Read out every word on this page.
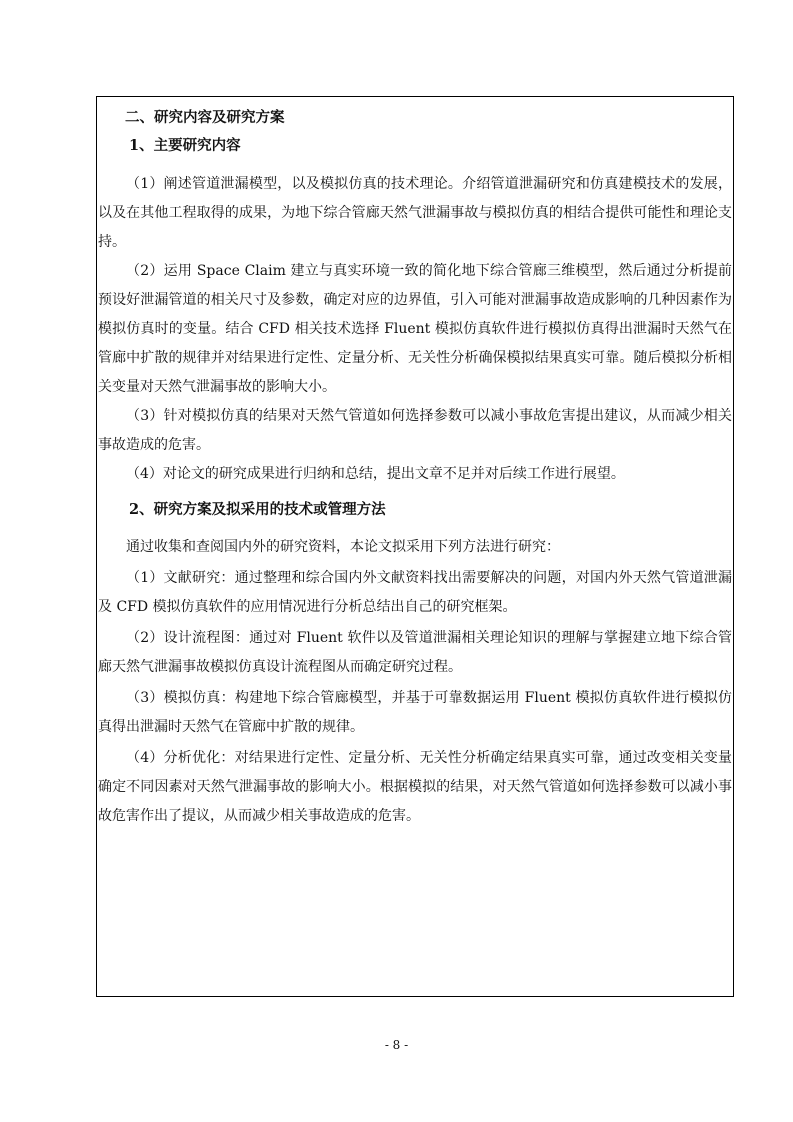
二、研究内容及研究方案
1、主要研究内容

（1）阐述管道泄漏模型，以及模拟仿真的技术理论。介绍管道泄漏研究和仿真建模技术的发展，以及在其他工程取得的成果，为地下综合管廊天然气泄漏事故与模拟仿真的相结合提供可能性和理论支持。

（2）运用 Space Claim 建立与真实环境一致的简化地下综合管廊三维模型，然后通过分析提前预设好泄漏管道的相关尺寸及参数，确定对应的边界值，引入可能对泄漏事故造成影响的几种因素作为模拟仿真时的变量。结合 CFD 相关技术选择 Fluent 模拟仿真软件进行模拟仿真得出泄漏时天然气在管廊中扩散的规律并对结果进行定性、定量分析、无关性分析确保模拟结果真实可靠。随后模拟分析相关变量对天然气泄漏事故的影响大小。

（3）针对模拟仿真的结果对天然气管道如何选择参数可以减小事故危害提出建议，从而减少相关事故造成的危害。

（4）对论文的研究成果进行归纳和总结，提出文章不足并对后续工作进行展望。

2、研究方案及拟采用的技术或管理方法

通过收集和查阅国内外的研究资料，本论文拟采用下列方法进行研究：

（1）文献研究：通过整理和综合国内外文献资料找出需要解决的问题，对国内外天然气管道泄漏及 CFD 模拟仿真软件的应用情况进行分析总结出自己的研究框架。

（2）设计流程图：通过对 Fluent 软件以及管道泄漏相关理论知识的理解与掌握建立地下综合管廊天然气泄漏事故模拟仿真设计流程图从而确定研究过程。

（3）模拟仿真：构建地下综合管廊模型，并基于可靠数据运用 Fluent 模拟仿真软件进行模拟仿真得出泄漏时天然气在管廊中扩散的规律。

（4）分析优化：对结果进行定性、定量分析、无关性分析确定结果真实可靠，通过改变相关变量确定不同因素对天然气泄漏事故的影响大小。根据模拟的结果，对天然气管道如何选择参数可以减小事故危害作出了提议，从而减少相关事故造成的危害。

- 8 -
